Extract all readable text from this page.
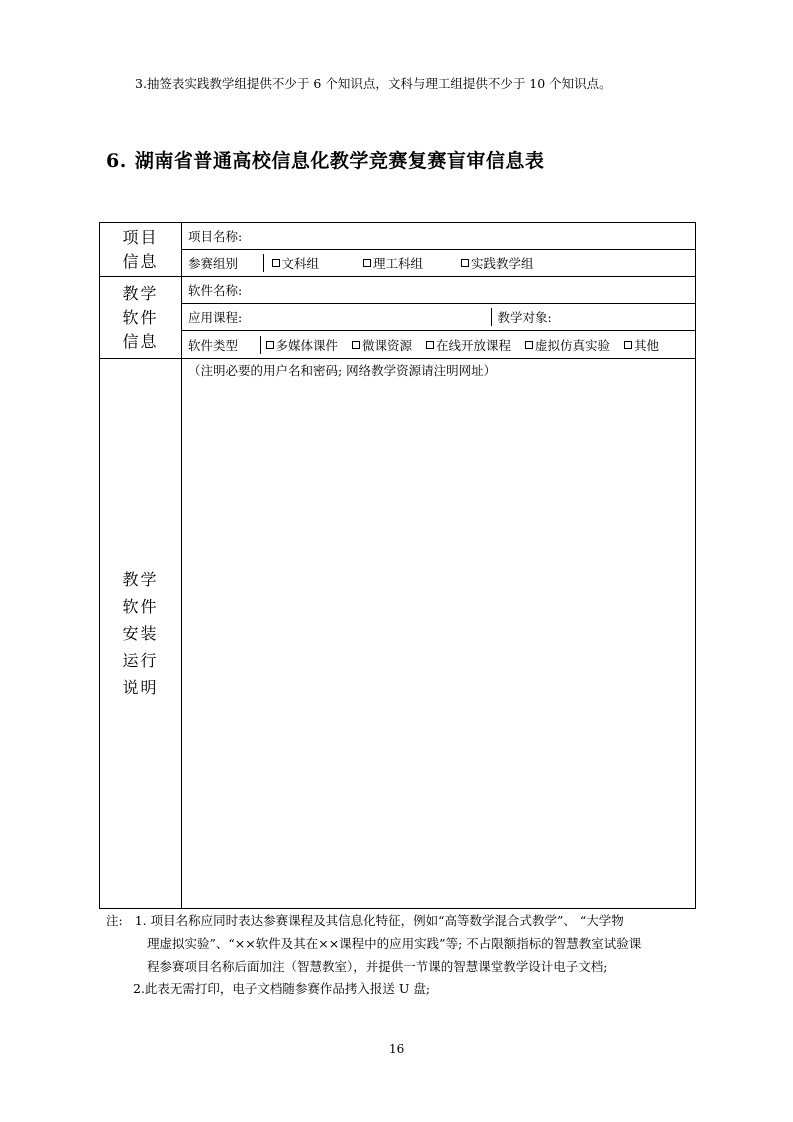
3.抽签表实践教学组提供不少于 6 个知识点，文科与理工组提供不少于 10 个知识点。
6. 湖南省普通高校信息化教学竞赛复赛盲审信息表
项目
信息
	项目名称:

参赛组别	文科组	理工科组	实践教学组

教学
软件
信息
	软件名称:

应用课程:	教学对象:

软件类型	多媒体课件 微课资源 在线开放课程 虚拟仿真实验 其他

教学
软件
安装
运行
说明
	（注明必要的用户名和密码; 网络教学资源请注明网址）
注: 1. 项目名称应同时表达参赛课程及其信息化特征，例如“高等数学混合式教学”、 “大学物
理虚拟实验”、“××软件及其在××课程中的应用实践”等; 不占限额指标的智慧教室试验课
程参赛项目名称后面加注（智慧教室），并提供一节课的智慧课堂教学设计电子文档;
2.此表无需打印，电子文档随参赛作品拷入报送 U 盘;
16
